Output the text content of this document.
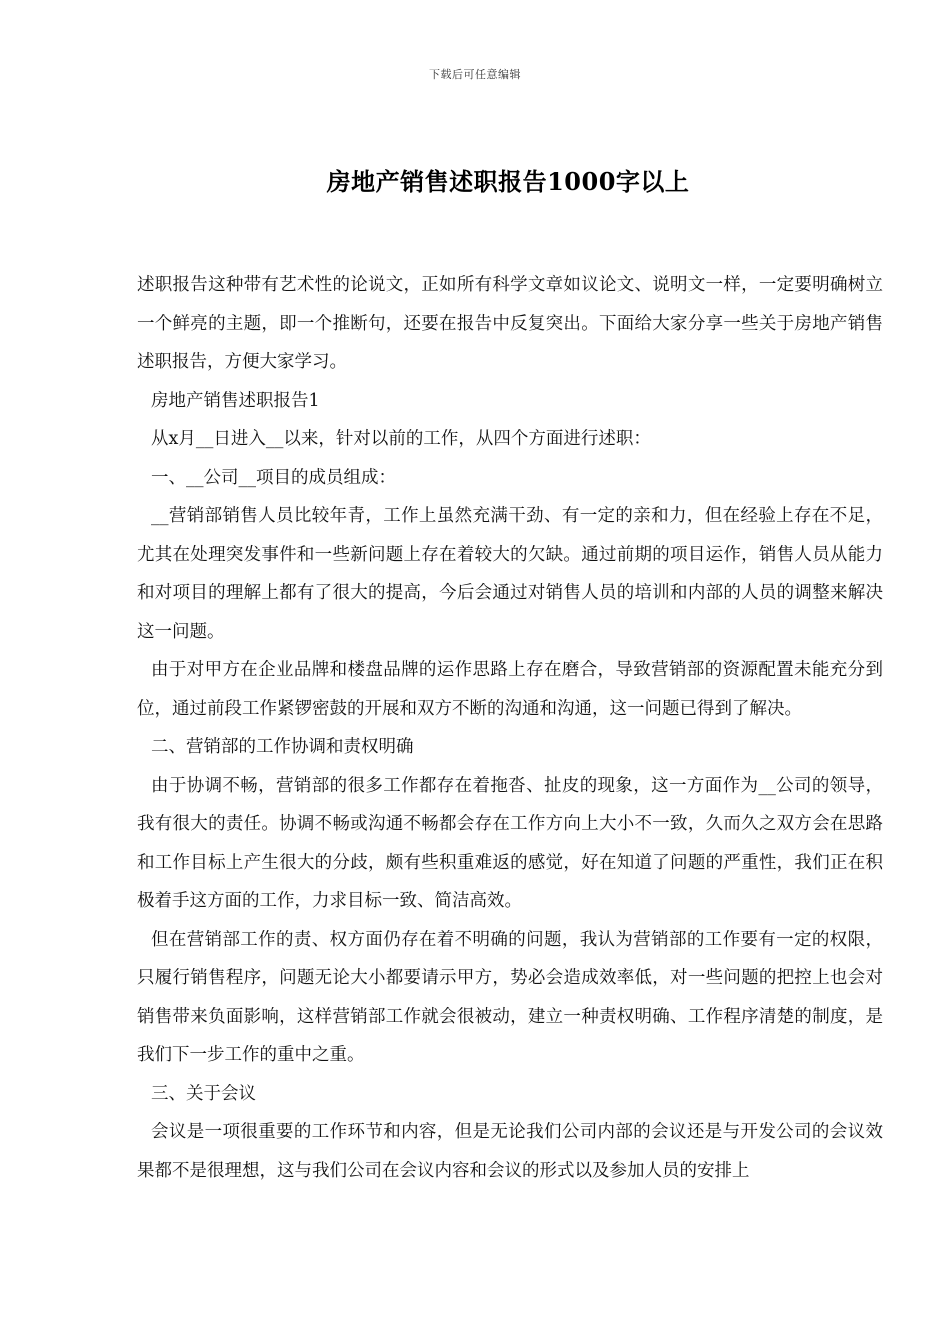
下载后可任意编辑
房地产销售述职报告1000字以上

述职报告这种带有艺术性的论说文，正如所有科学文章如议论文、说明文一样，一定要明确树立一个鲜亮的主题，即一个推断句，还要在报告中反复突出。下面给大家分享一些关于房地产销售述职报告，方便大家学习。

房地产销售述职报告1

从x月__日进入__以来，针对以前的工作，从四个方面进行述职：

一、__公司__项目的成员组成：

__营销部销售人员比较年青，工作上虽然充满干劲、有一定的亲和力，但在经验上存在不足，尤其在处理突发事件和一些新问题上存在着较大的欠缺。通过前期的项目运作，销售人员从能力和对项目的理解上都有了很大的提高，今后会通过对销售人员的培训和内部的人员的调整来解决这一问题。

由于对甲方在企业品牌和楼盘品牌的运作思路上存在磨合，导致营销部的资源配置未能充分到位，通过前段工作紧锣密鼓的开展和双方不断的沟通和沟通，这一问题已得到了解决。

二、营销部的工作协调和责权明确

由于协调不畅，营销部的很多工作都存在着拖沓、扯皮的现象，这一方面作为__公司的领导，我有很大的责任。协调不畅或沟通不畅都会存在工作方向上大小不一致，久而久之双方会在思路和工作目标上产生很大的分歧，颇有些积重难返的感觉，好在知道了问题的严重性，我们正在积极着手这方面的工作，力求目标一致、简洁高效。

但在营销部工作的责、权方面仍存在着不明确的问题，我认为营销部的工作要有一定的权限，只履行销售程序，问题无论大小都要请示甲方，势必会造成效率低，对一些问题的把控上也会对销售带来负面影响，这样营销部工作就会很被动，建立一种责权明确、工作程序清楚的制度，是我们下一步工作的重中之重。

三、关于会议

会议是一项很重要的工作环节和内容，但是无论我们公司内部的会议还是与开发公司的会议效果都不是很理想，这与我们公司在会议内容和会议的形式以及参加人员的安排上
